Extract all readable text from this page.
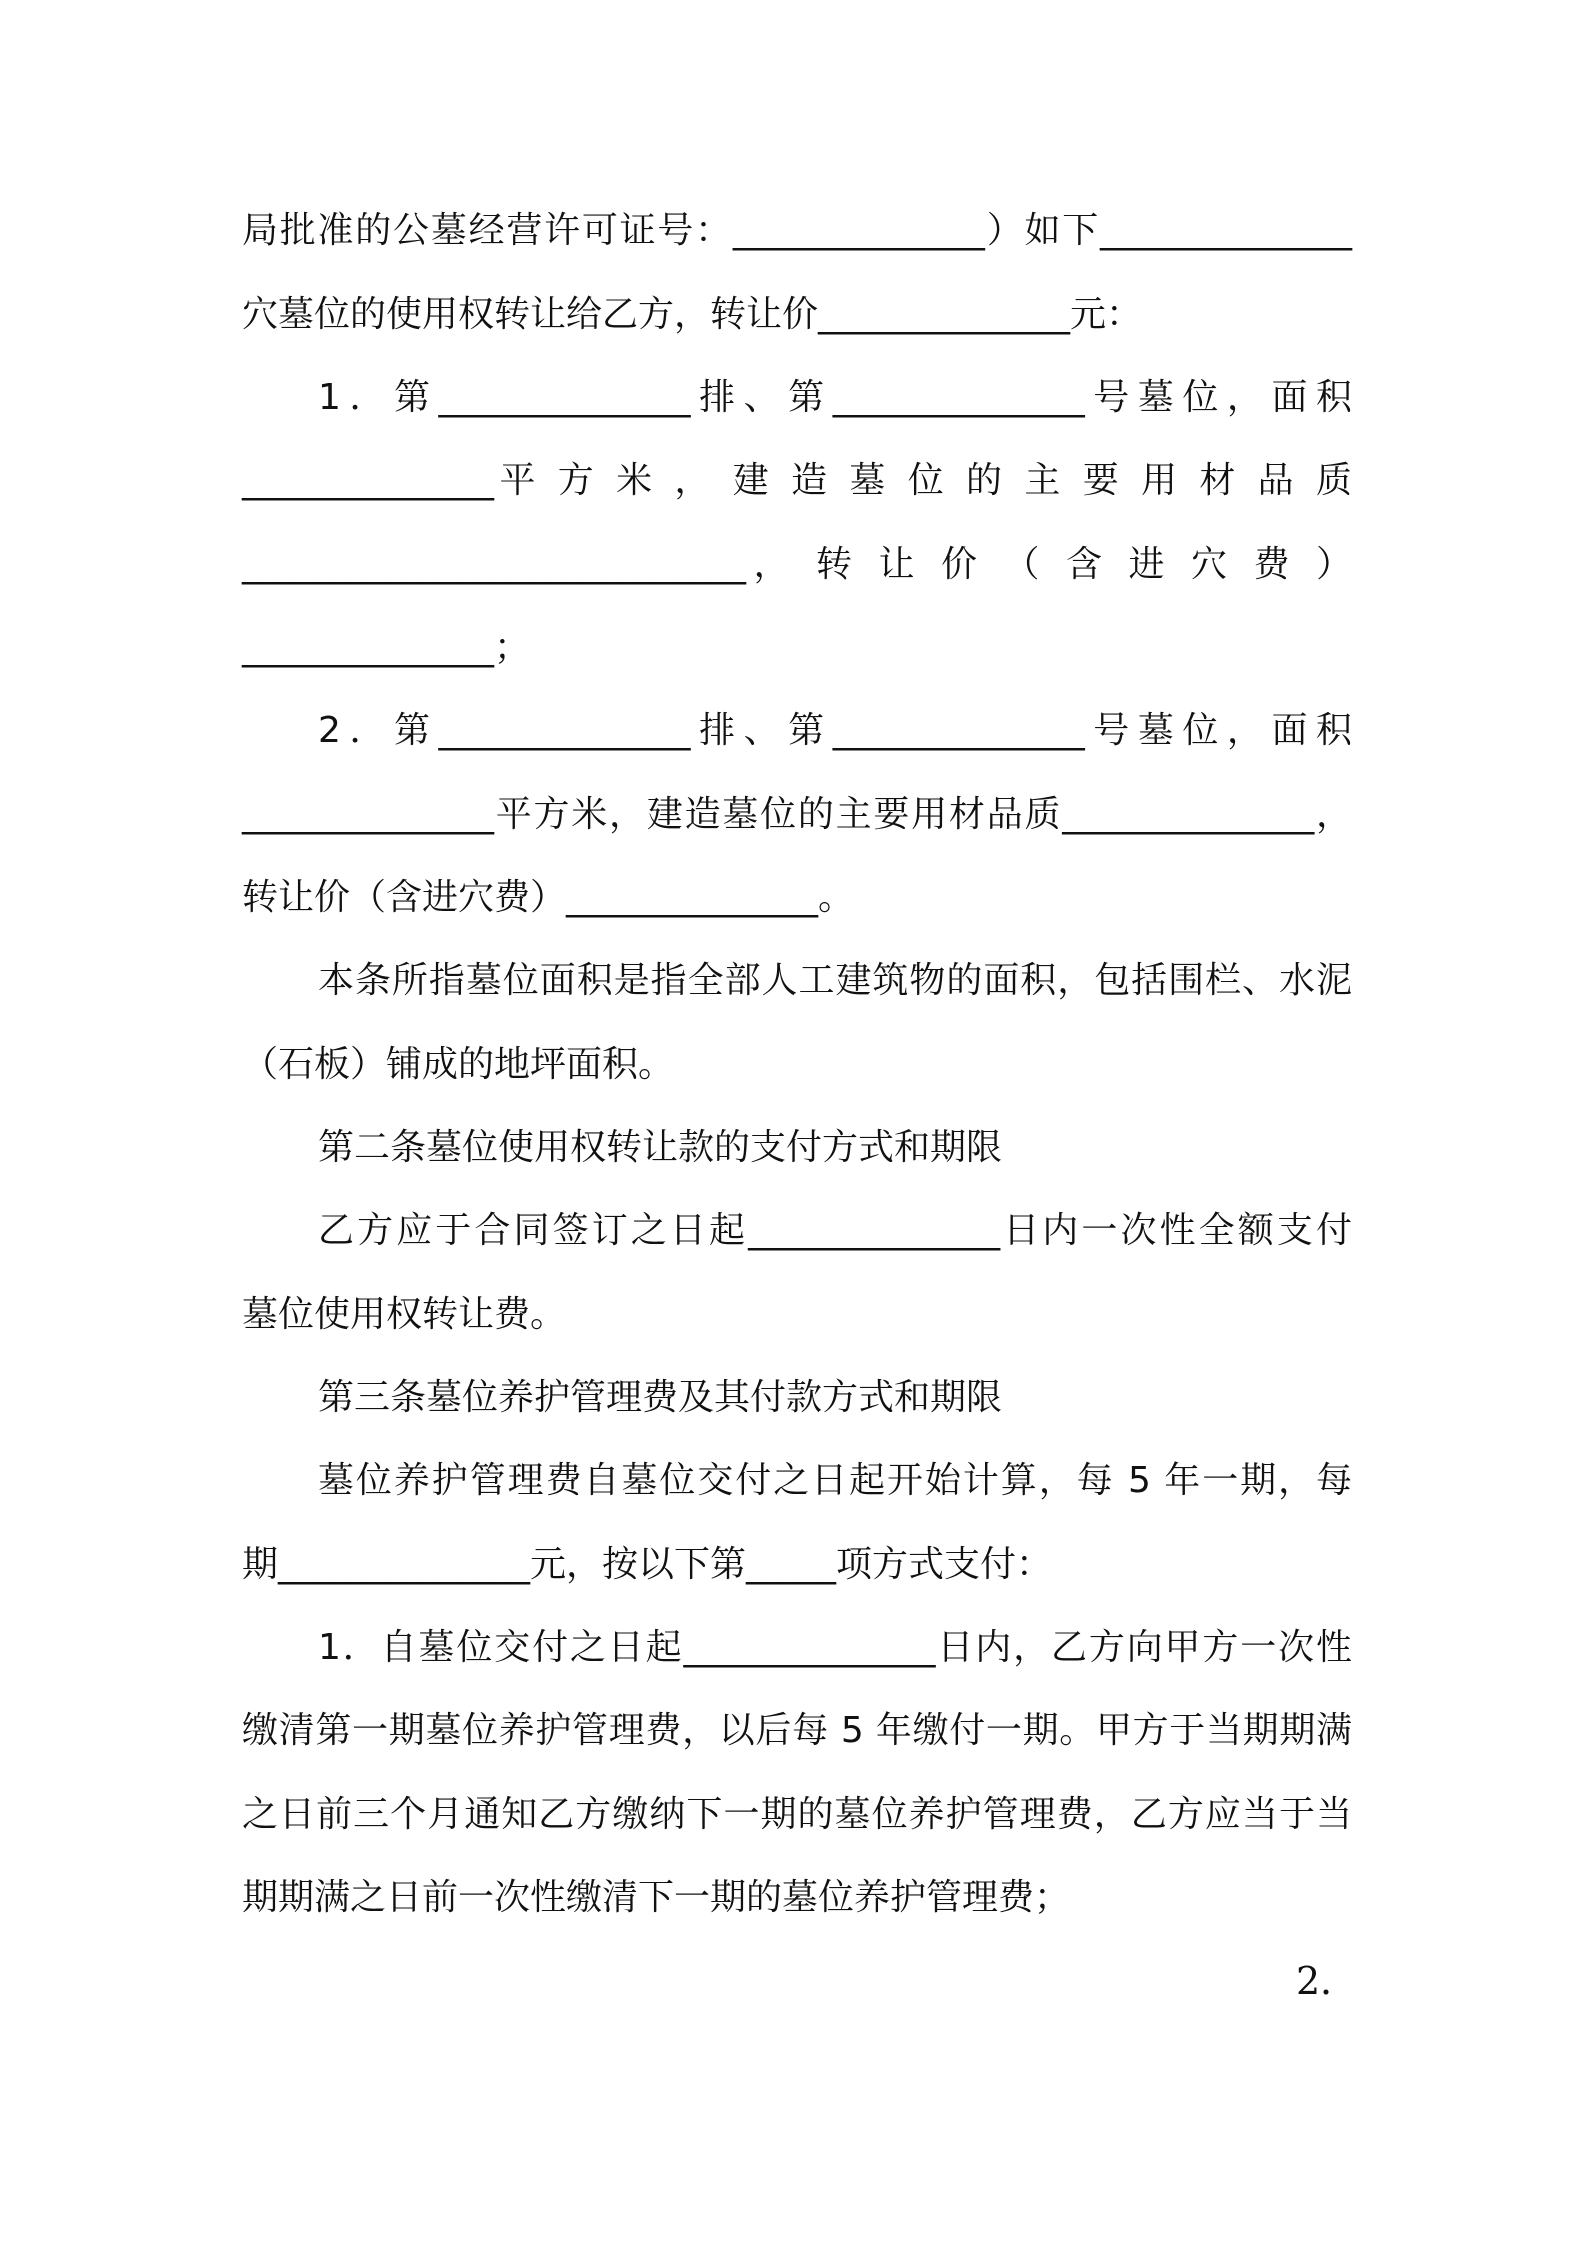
局批准的公墓经营许可证号：______________）如下______________
穴墓位的使用权转让给乙方，转让价______________元：
1．第______________排、第______________号墓位，面积
______________平 方 米 ， 建 造 墓 位 的 主 要 用 材 品 质
____________________________， 转 让 价 （ 含 进 穴 费 ）
______________；
2．第______________排、第______________号墓位，面积
______________平方米，建造墓位的主要用材品质______________，
转让价（含进穴费）______________。
本条所指墓位面积是指全部人工建筑物的面积，包括围栏、水泥
（石板）铺成的地坪面积。
第二条墓位使用权转让款的支付方式和期限
乙方应于合同签订之日起______________日内一次性全额支付
墓位使用权转让费。
第三条墓位养护管理费及其付款方式和期限
墓位养护管理费自墓位交付之日起开始计算，每 5 年一期，每
期______________元，按以下第_____项方式支付：
1．自墓位交付之日起______________日内，乙方向甲方一次性
缴清第一期墓位养护管理费，以后每 5 年缴付一期。甲方于当期期满
之日前三个月通知乙方缴纳下一期的墓位养护管理费，乙方应当于当
期期满之日前一次性缴清下一期的墓位养护管理费；
2．
